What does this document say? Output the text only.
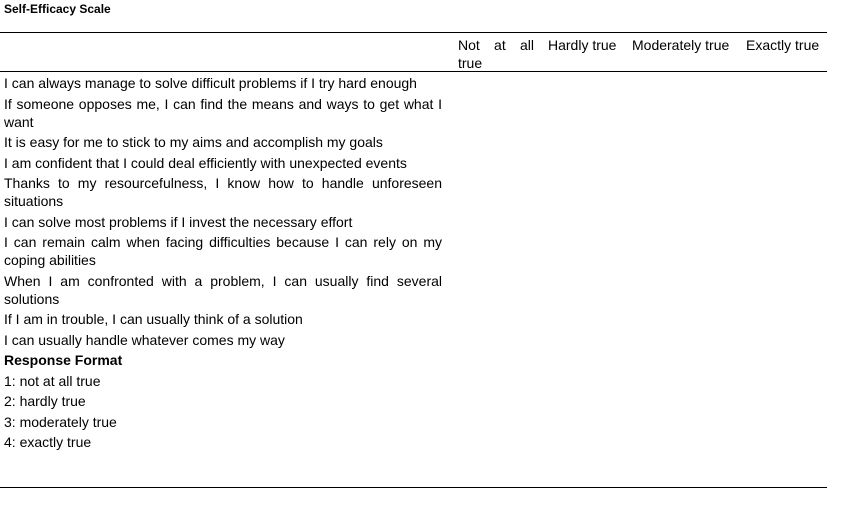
Self-Efficacy Scale
Not at all true
Hardly true Moderately true Exactly true
I can always manage to solve difficult problems if I try hard enough
If someone opposes me, I can find the means and ways to get what I want
It is easy for me to stick to my aims and accomplish my goals
I am confident that I could deal efficiently with unexpected events
Thanks to my resourcefulness, I know how to handle unforeseen situations
I can solve most problems if I invest the necessary effort
I can remain calm when facing difficulties because I can rely on my coping abilities
When I am confronted with a problem, I can usually find several solutions
If I am in trouble, I can usually think of a solution
I can usually handle whatever comes my way
Response Format
1: not at all true
2: hardly true
3: moderately true
4: exactly true
